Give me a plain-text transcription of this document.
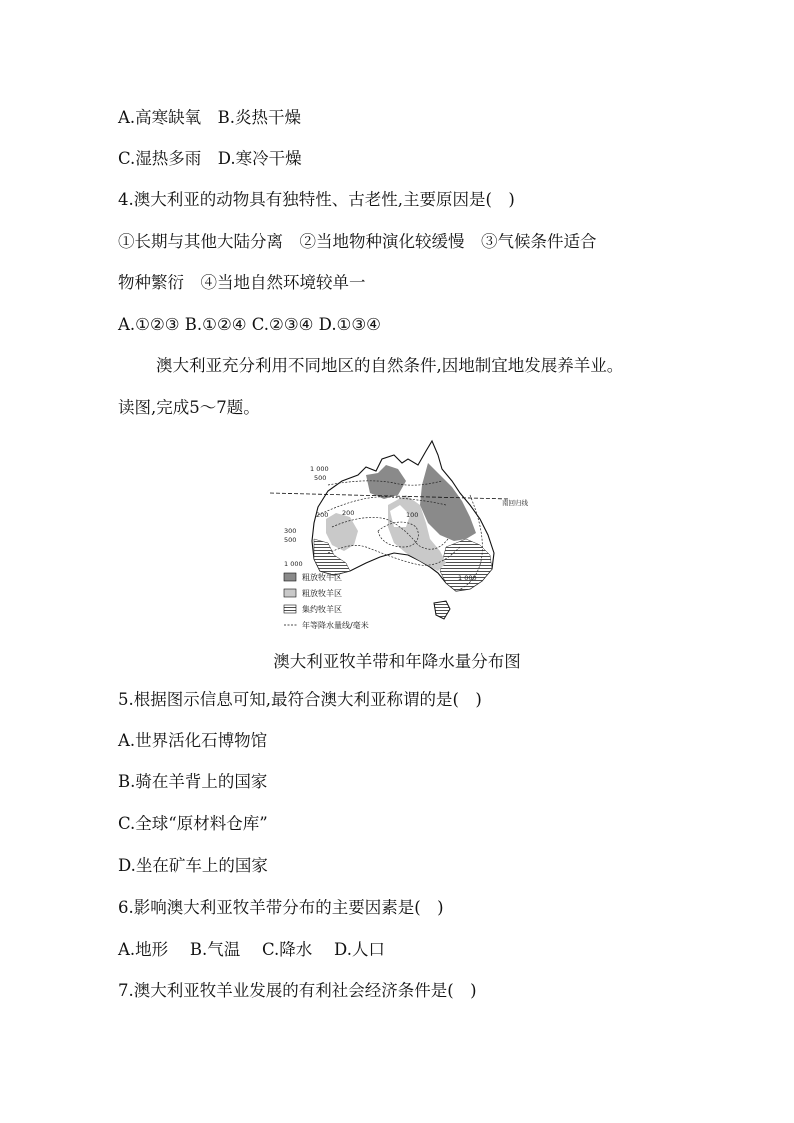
A.高寒缺氧　B.炎热干燥
C.湿热多雨　D.寒冷干燥
4.澳大利亚的动物具有独特性、古老性,主要原因是(　)
①长期与其他大陆分离　②当地物种演化较缓慢　③气候条件适合
物种繁衍　④当地自然环境较单一
A.①②③ B.①②④ C.②③④ D.①③④
澳大利亚充分利用不同地区的自然条件,因地制宜地发展养羊业。
读图,完成5～7题。
南回归线
1 000
500
200 200	100
300
500
1 000
1 000
粗放牧牛区
粗放牧羊区
集约牧羊区
年等降水量线/毫米
澳大利亚牧羊带和年降水量分布图
5.根据图示信息可知,最符合澳大利亚称谓的是(　)
A.世界活化石博物馆
B.骑在羊背上的国家
C.全球“原材料仓库”
D.坐在矿车上的国家
6.影响澳大利亚牧羊带分布的主要因素是(　)
A.地形　 B.气温　 C.降水　 D.人口
7.澳大利亚牧羊业发展的有利社会经济条件是(　)
